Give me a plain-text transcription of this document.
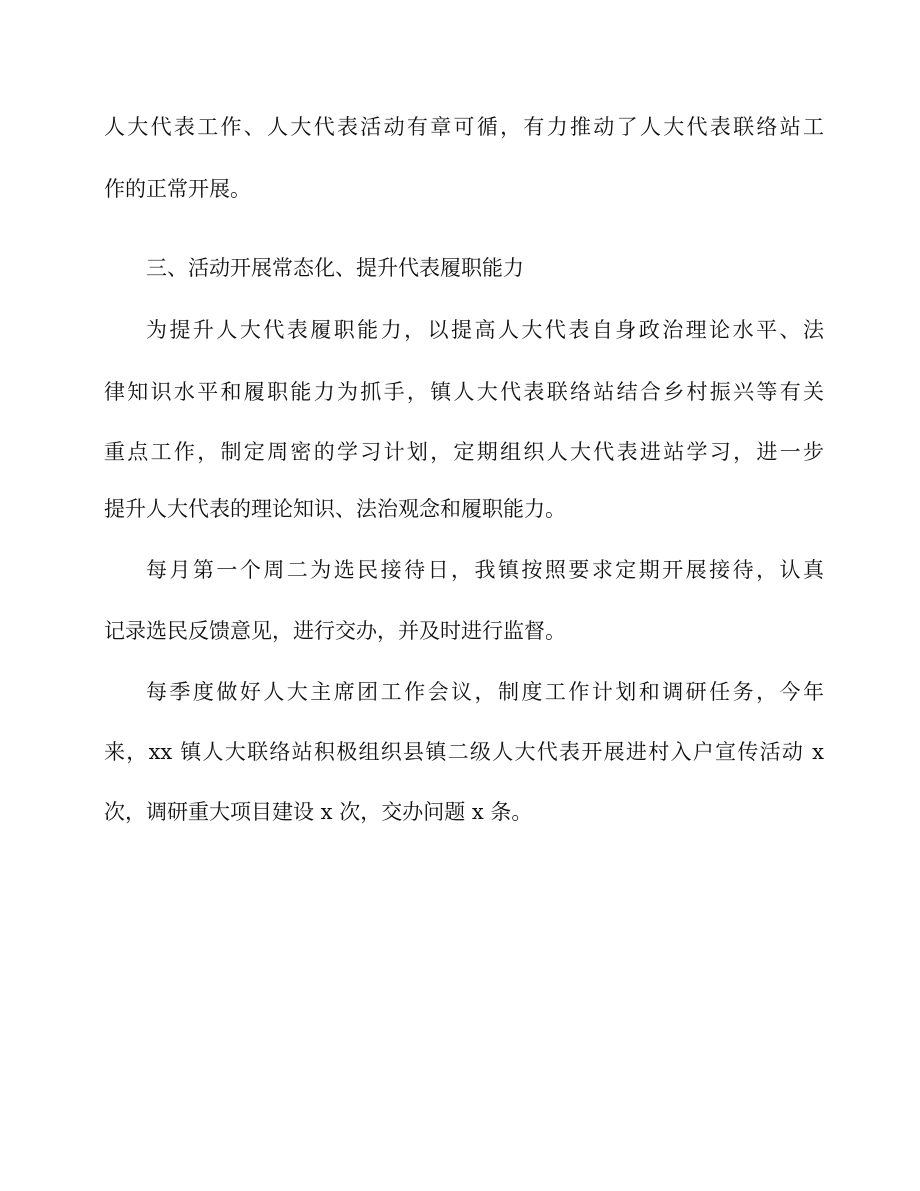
人大代表工作、人大代表活动有章可循，有力推动了人大代表联络站工

作的正常开展。

三、活动开展常态化、提升代表履职能力

为提升人大代表履职能力，以提高人大代表自身政治理论水平、法

律知识水平和履职能力为抓手，镇人大代表联络站结合乡村振兴等有关

重点工作，制定周密的学习计划，定期组织人大代表进站学习，进一步

提升人大代表的理论知识、法治观念和履职能力。

每月第一个周二为选民接待日，我镇按照要求定期开展接待，认真

记录选民反馈意见，进行交办，并及时进行监督。

每季度做好人大主席团工作会议，制度工作计划和调研任务，今年

来，xx 镇人大联络站积极组织县镇二级人大代表开展进村入户宣传活动 x

次，调研重大项目建设 x 次，交办问题 x 条。
